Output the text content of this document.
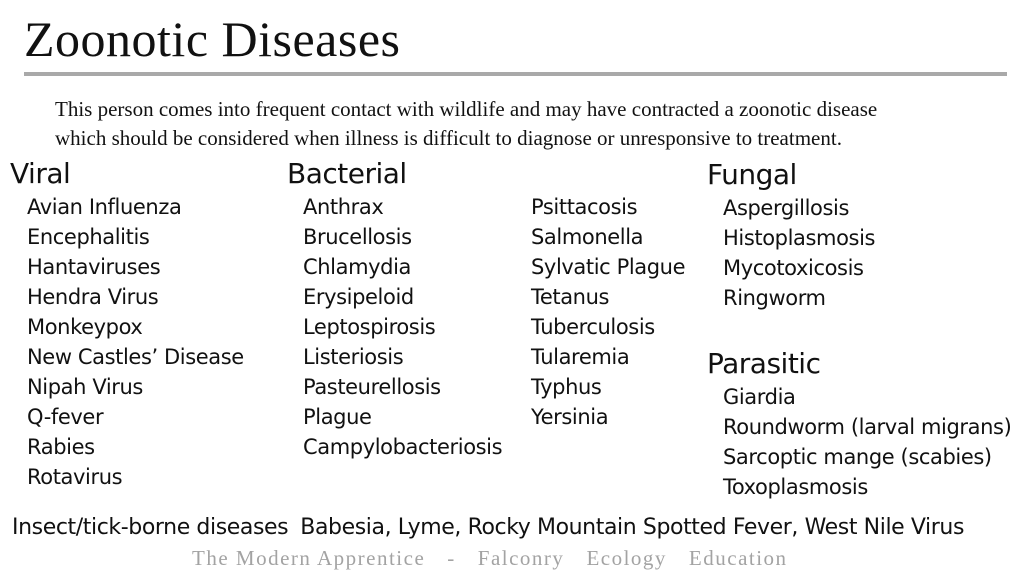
Zoonotic Diseases
This person comes into frequent contact with wildlife and may have contracted a zoonotic disease
which should be considered when illness is difficult to diagnose or unresponsive to treatment.
Viral
Avian Influenza
Encephalitis
Hantaviruses
Hendra Virus
Monkeypox
New Castles’ Disease
Nipah Virus
Q-fever
Rabies
Rotavirus
Bacterial
Anthrax
Brucellosis
Chlamydia
Erysipeloid
Leptospirosis
Listeriosis
Pasteurellosis
Plague
Campylobacteriosis
Psittacosis
Salmonella
Sylvatic Plague
Tetanus
Tuberculosis
Tularemia
Typhus
Yersinia
Fungal
Aspergillosis
Histoplasmosis
Mycotoxicosis
Ringworm
Parasitic
Giardia
Roundworm (larval migrans)
Sarcoptic mange (scabies)
Toxoplasmosis
Insect/tick-borne diseases Babesia, Lyme, Rocky Mountain Spotted Fever, West Nile Virus
The Modern Apprentice - Falconry Ecology Education
